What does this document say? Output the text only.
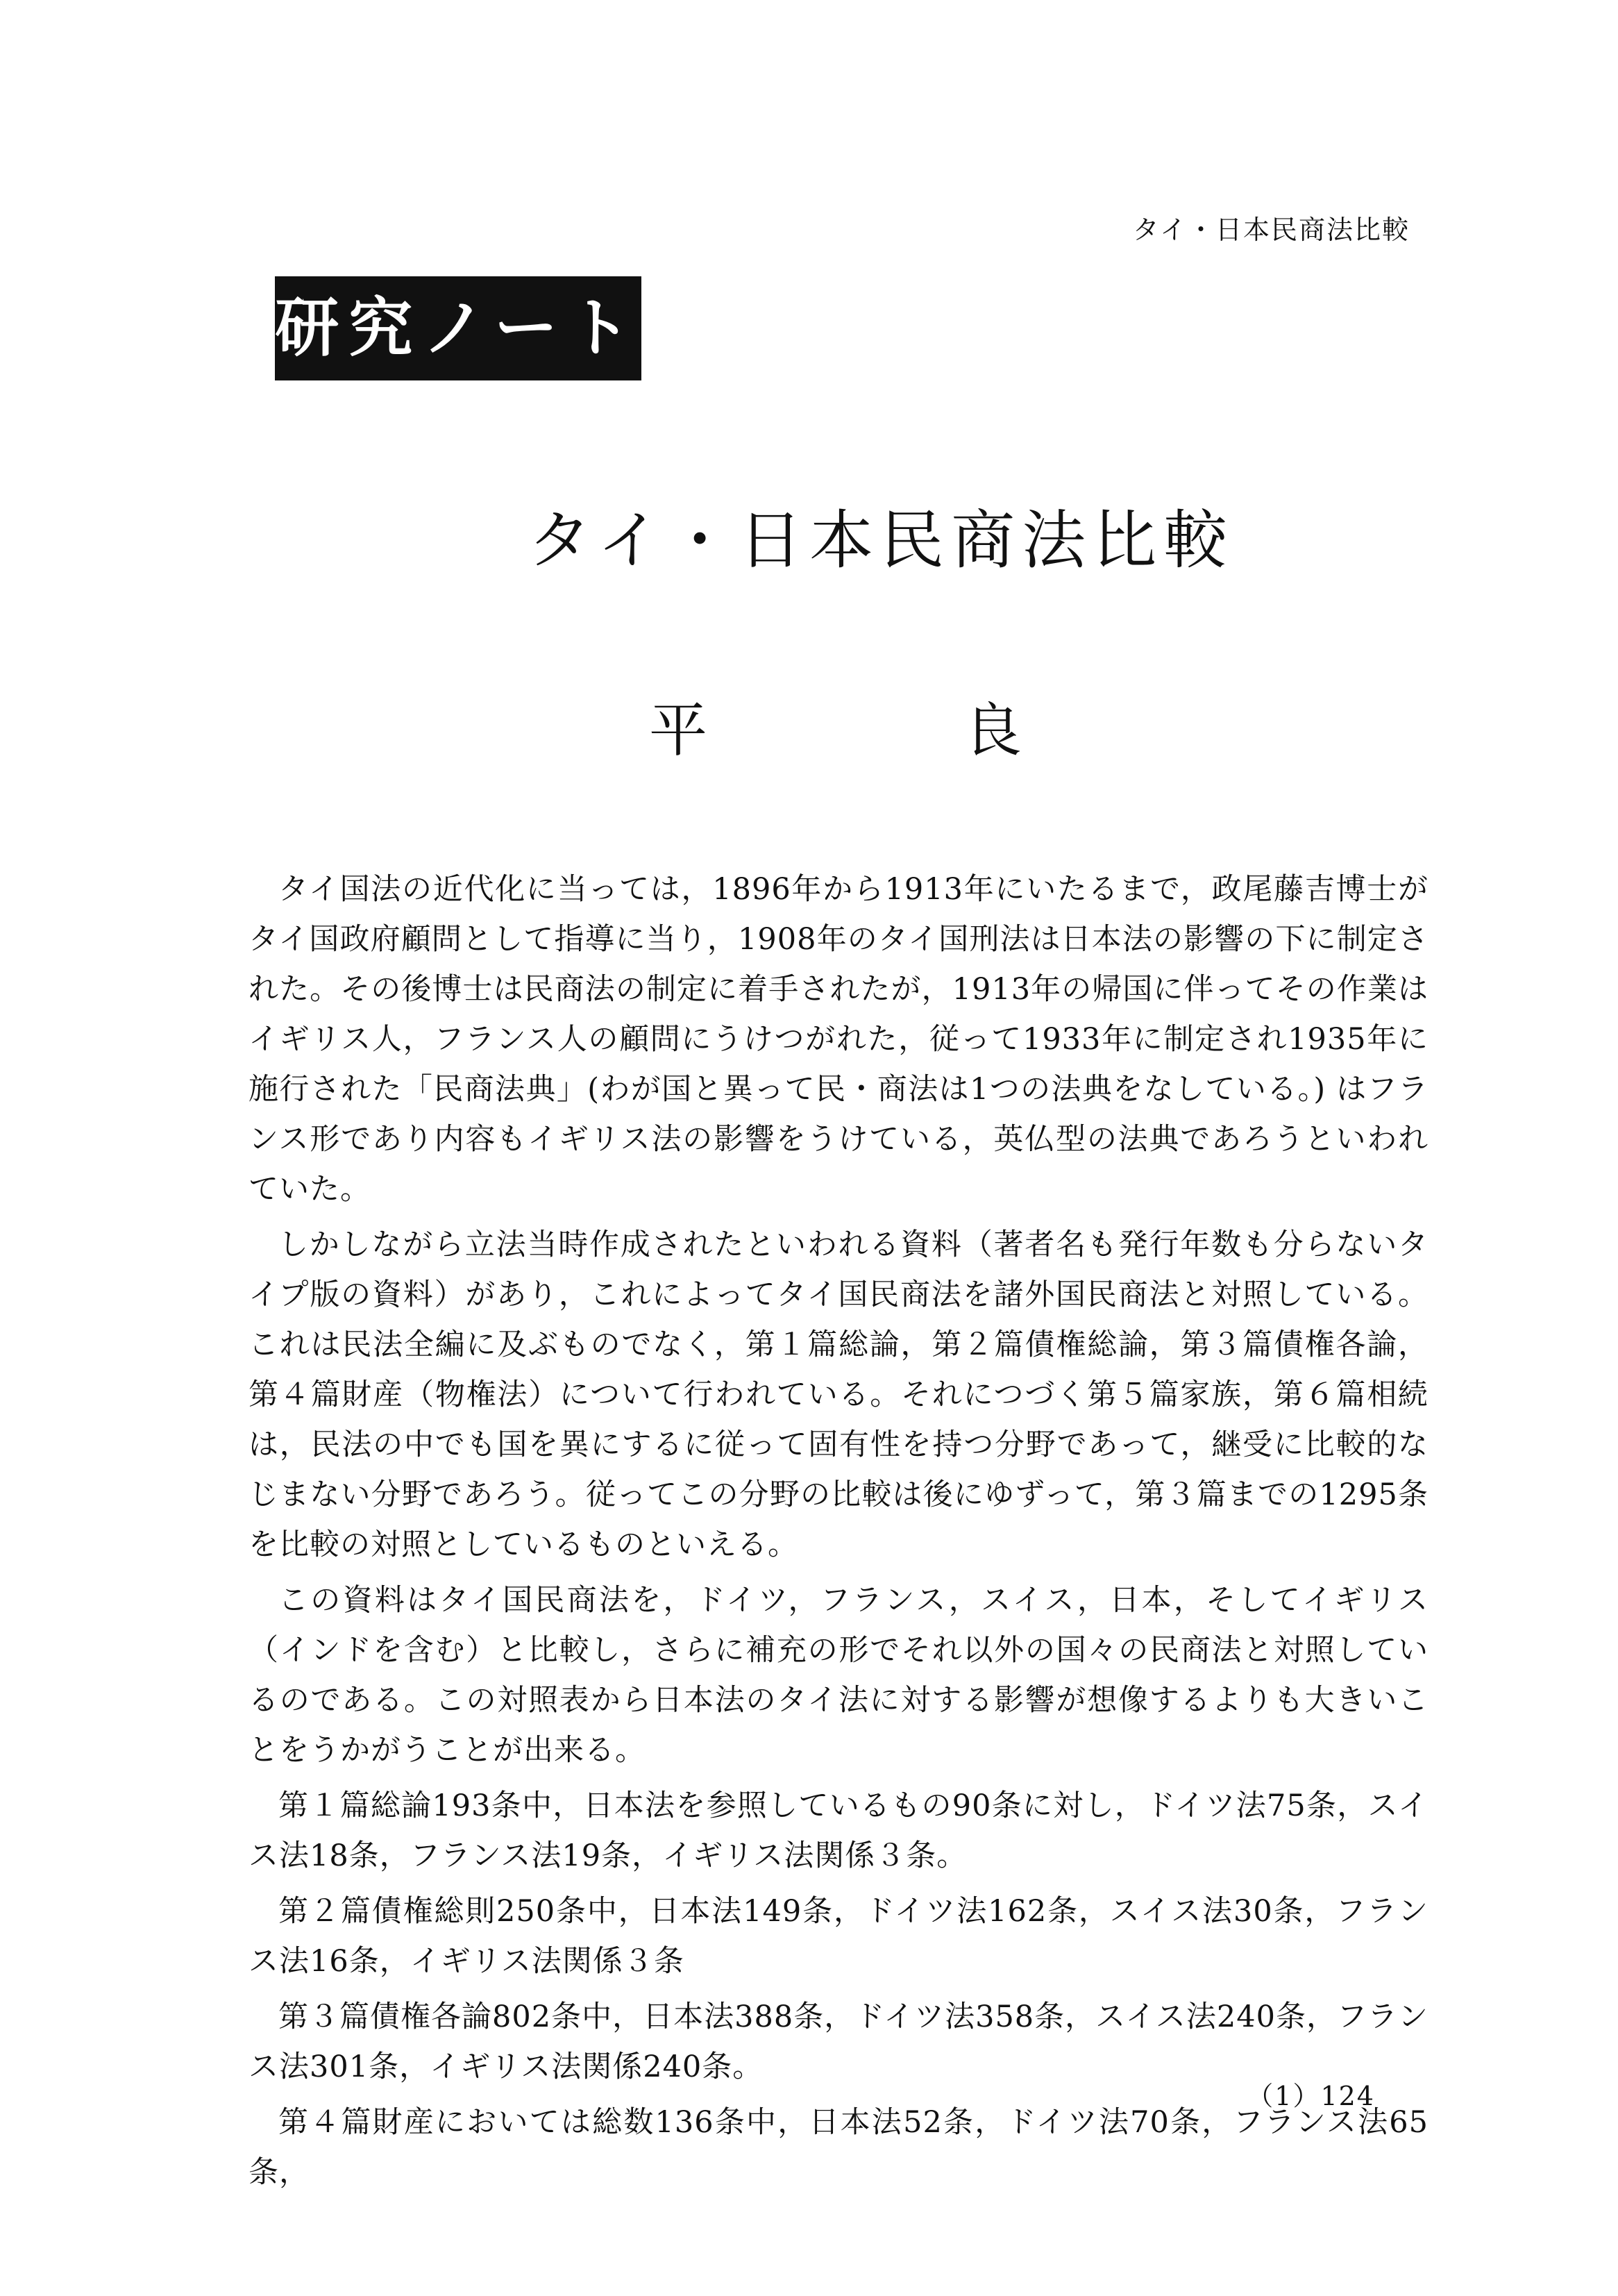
タイ・日本民商法比較
研究ノート
タイ・日本民商法比較
平	良

タイ国法の近代化に当っては，1896年から1913年にいたるまで，政尾藤吉博士がタイ国政府顧問として指導に当り，1908年のタイ国刑法は日本法の影響の下に制定された。その後博士は民商法の制定に着手されたが，1913年の帰国に伴ってその作業はイギリス人，フランス人の顧問にうけつがれた，従って1933年に制定され1935年に施行された「民商法典」(わが国と異って民・商法は1つの法典をなしている。) はフランス形であり内容もイギリス法の影響をうけている，英仏型の法典であろうといわれていた。

しかしながら立法当時作成されたといわれる資料（著者名も発行年数も分らないタイプ版の資料）があり，これによってタイ国民商法を諸外国民商法と対照している。これは民法全編に及ぶものでなく，第１篇総論，第２篇債権総論，第３篇債権各論，第４篇財産（物権法）について行われている。それにつづく第５篇家族，第６篇相続は，民法の中でも国を異にするに従って固有性を持つ分野であって，継受に比較的なじまない分野であろう。従ってこの分野の比較は後にゆずって，第３篇までの1295条を比較の対照としているものといえる。

この資料はタイ国民商法を，ドイツ，フランス，スイス，日本，そしてイギリス（インドを含む）と比較し，さらに補充の形でそれ以外の国々の民商法と対照しているのである。この対照表から日本法のタイ法に対する影響が想像するよりも大きいことをうかがうことが出来る。

第１篇総論193条中，日本法を参照しているもの90条に対し，ドイツ法75条，スイス法18条，フランス法19条，イギリス法関係３条。

第２篇債権総則250条中，日本法149条，ドイツ法162条，スイス法30条，フランス法16条，イギリス法関係３条

第３篇債権各論802条中，日本法388条，ドイツ法358条，スイス法240条，フランス法301条，イギリス法関係240条。

第４篇財産においては総数136条中，日本法52条，ドイツ法70条，フランス法65条，

（1）124
